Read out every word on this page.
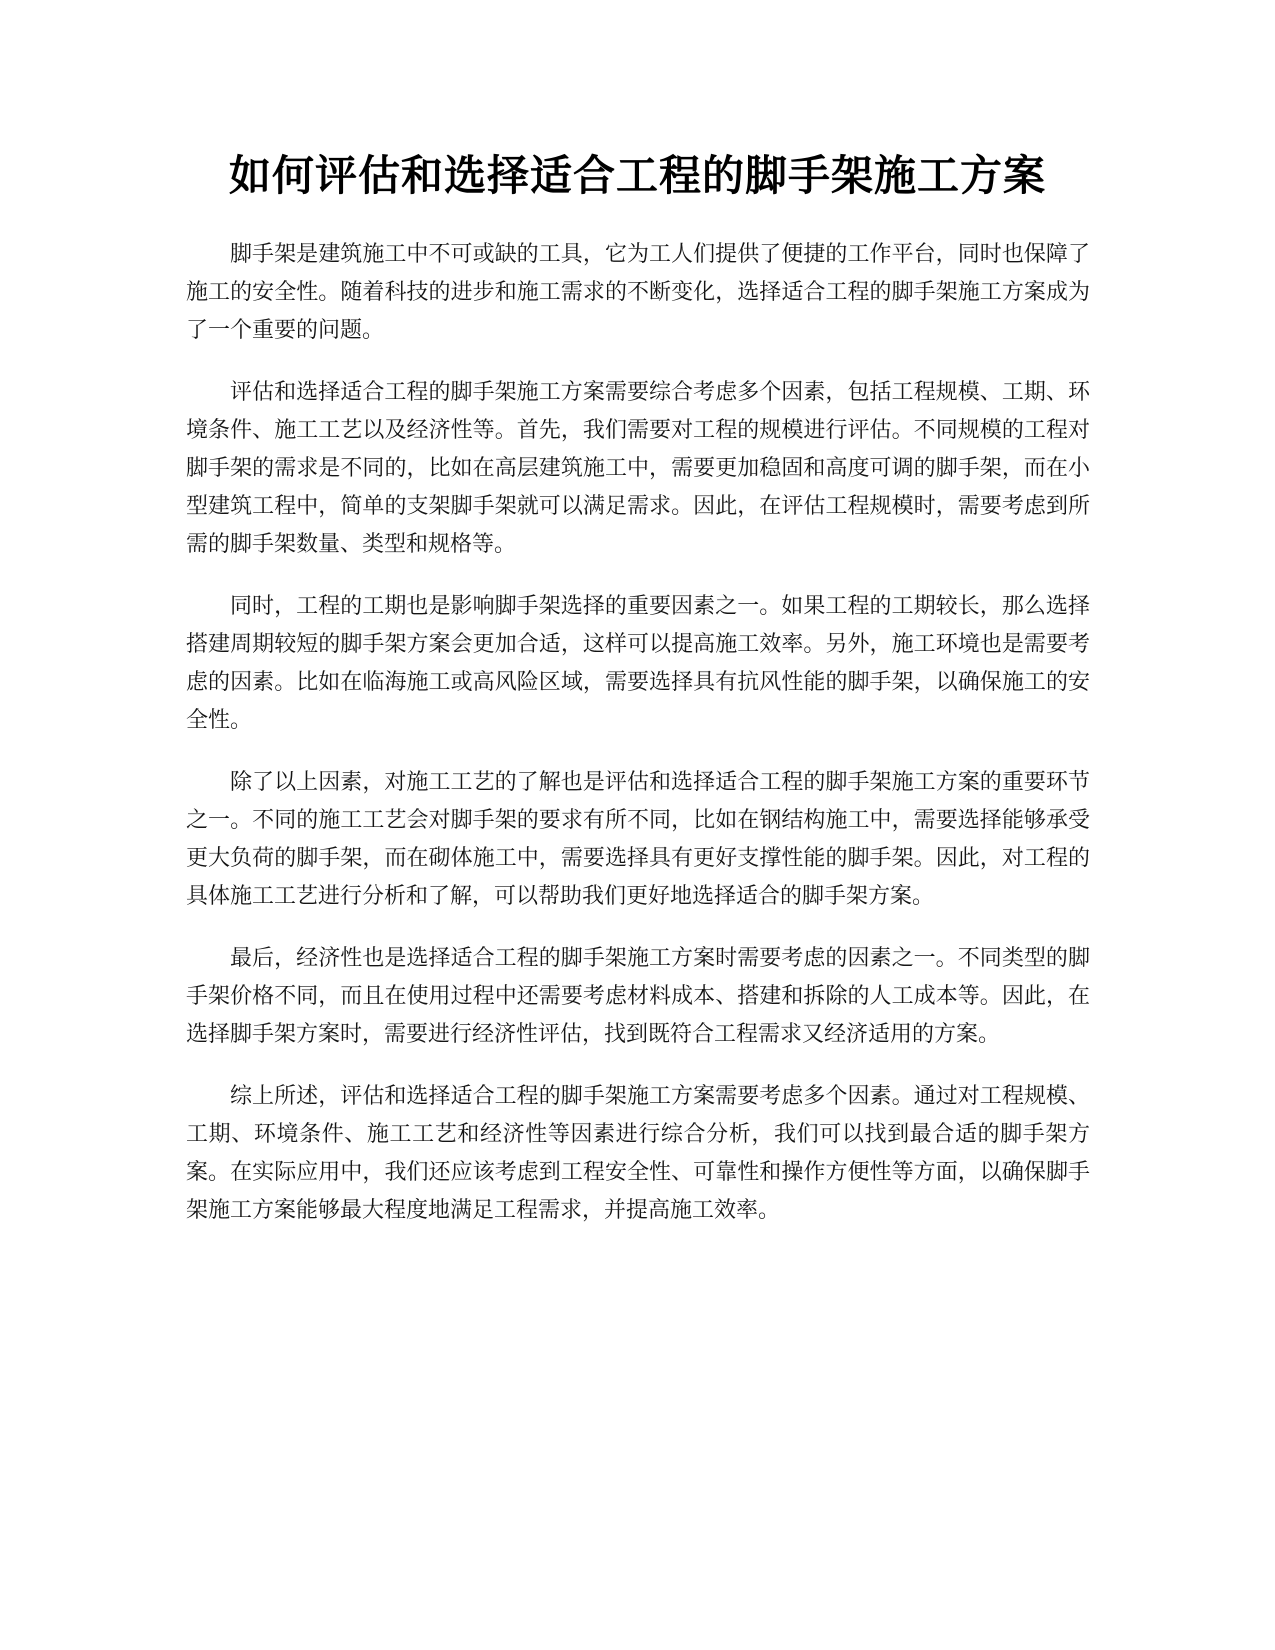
如何评估和选择适合工程的脚手架施工方案

脚手架是建筑施工中不可或缺的工具，它为工人们提供了便捷的工作平台，同时也保障了施工的安全性。随着科技的进步和施工需求的不断变化，选择适合工程的脚手架施工方案成为了一个重要的问题。

评估和选择适合工程的脚手架施工方案需要综合考虑多个因素，包括工程规模、工期、环境条件、施工工艺以及经济性等。首先，我们需要对工程的规模进行评估。不同规模的工程对脚手架的需求是不同的，比如在高层建筑施工中，需要更加稳固和高度可调的脚手架，而在小型建筑工程中，简单的支架脚手架就可以满足需求。因此，在评估工程规模时，需要考虑到所需的脚手架数量、类型和规格等。

同时，工程的工期也是影响脚手架选择的重要因素之一。如果工程的工期较长，那么选择搭建周期较短的脚手架方案会更加合适，这样可以提高施工效率。另外，施工环境也是需要考虑的因素。比如在临海施工或高风险区域，需要选择具有抗风性能的脚手架，以确保施工的安全性。

除了以上因素，对施工工艺的了解也是评估和选择适合工程的脚手架施工方案的重要环节之一。不同的施工工艺会对脚手架的要求有所不同，比如在钢结构施工中，需要选择能够承受更大负荷的脚手架，而在砌体施工中，需要选择具有更好支撑性能的脚手架。因此，对工程的具体施工工艺进行分析和了解，可以帮助我们更好地选择适合的脚手架方案。

最后，经济性也是选择适合工程的脚手架施工方案时需要考虑的因素之一。不同类型的脚手架价格不同，而且在使用过程中还需要考虑材料成本、搭建和拆除的人工成本等。因此，在选择脚手架方案时，需要进行经济性评估，找到既符合工程需求又经济适用的方案。

综上所述，评估和选择适合工程的脚手架施工方案需要考虑多个因素。通过对工程规模、工期、环境条件、施工工艺和经济性等因素进行综合分析，我们可以找到最合适的脚手架方案。在实际应用中，我们还应该考虑到工程安全性、可靠性和操作方便性等方面，以确保脚手架施工方案能够最大程度地满足工程需求，并提高施工效率。
